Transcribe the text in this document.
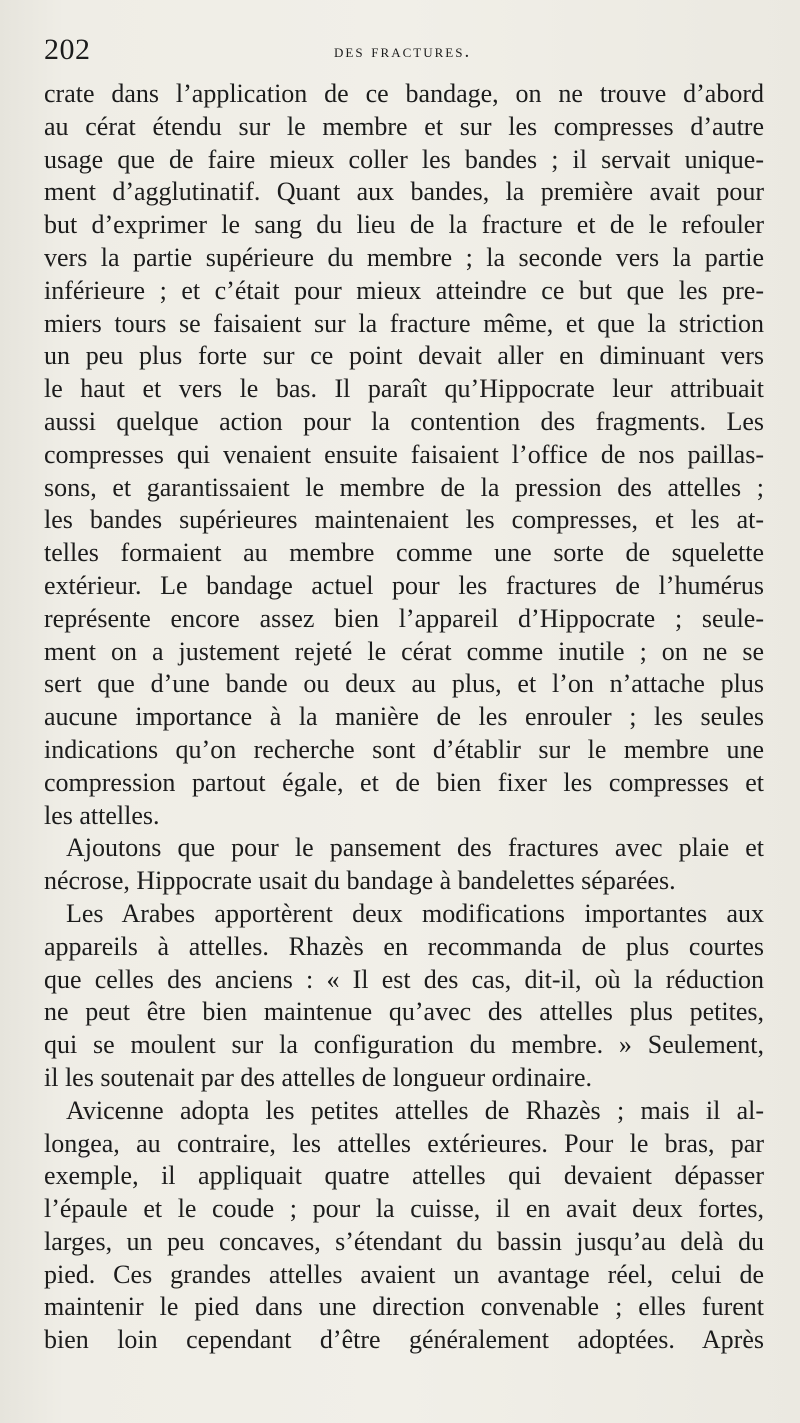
202	des fractures.
crate dans l’application de ce bandage, on ne trouve d’abord
au cérat étendu sur le membre et sur les compresses d’autre
usage que de faire mieux coller les bandes ; il servait unique-
ment d’agglutinatif. Quant aux bandes, la première avait pour
but d’exprimer le sang du lieu de la fracture et de le refouler
vers la partie supérieure du membre ; la seconde vers la partie
inférieure ; et c’était pour mieux atteindre ce but que les pre-
miers tours se faisaient sur la fracture même, et que la striction
un peu plus forte sur ce point devait aller en diminuant vers
le haut et vers le bas. Il paraît qu’Hippocrate leur attribuait
aussi quelque action pour la contention des fragments. Les
compresses qui venaient ensuite faisaient l’office de nos paillas-
sons, et garantissaient le membre de la pression des attelles ;
les bandes supérieures maintenaient les compresses, et les at-
telles formaient au membre comme une sorte de squelette
extérieur. Le bandage actuel pour les fractures de l’humérus
représente encore assez bien l’appareil d’Hippocrate ; seule-
ment on a justement rejeté le cérat comme inutile ; on ne se
sert que d’une bande ou deux au plus, et l’on n’attache plus
aucune importance à la manière de les enrouler ; les seules
indications qu’on recherche sont d’établir sur le membre une
compression partout égale, et de bien fixer les compresses et
les attelles.
Ajoutons que pour le pansement des fractures avec plaie et
nécrose, Hippocrate usait du bandage à bandelettes séparées.
Les Arabes apportèrent deux modifications importantes aux
appareils à attelles. Rhazès en recommanda de plus courtes
que celles des anciens : « Il est des cas, dit-il, où la réduction
ne peut être bien maintenue qu’avec des attelles plus petites,
qui se moulent sur la configuration du membre. » Seulement,
il les soutenait par des attelles de longueur ordinaire.
Avicenne adopta les petites attelles de Rhazès ; mais il al-
longea, au contraire, les attelles extérieures. Pour le bras, par
exemple, il appliquait quatre attelles qui devaient dépasser
l’épaule et le coude ; pour la cuisse, il en avait deux fortes,
larges, un peu concaves, s’étendant du bassin jusqu’au delà du
pied. Ces grandes attelles avaient un avantage réel, celui de
maintenir le pied dans une direction convenable ; elles furent
bien loin cependant d’être généralement adoptées. Après
